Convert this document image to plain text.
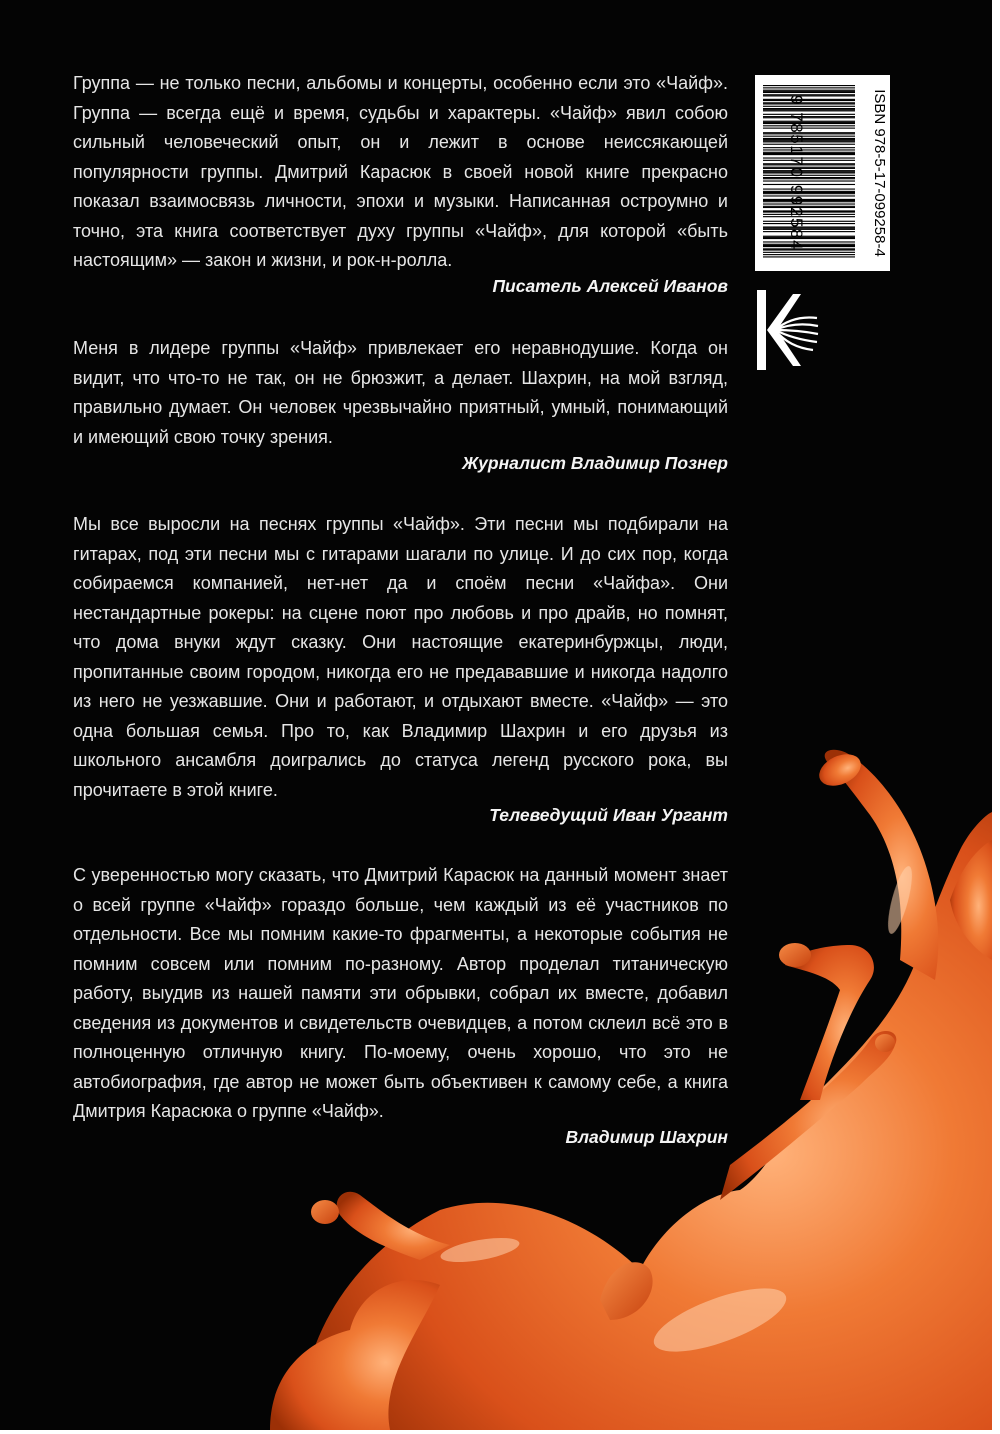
Группа — не только песни, альбомы и концерты, особенно если это «Чайф». Группа — всегда ещё и время, судьбы и характеры. «Чайф» явил собою сильный человеческий опыт, он и лежит в основе неиссякающей популярности группы. Дмитрий Карасюк в своей новой книге прекрасно показал взаимосвязь личности, эпохи и музыки. Написанная остроумно и точно, эта книга соответствует духу группы «Чайф», для которой «быть настоящим» — закон и жизни, и рок-н-ролла.

Писатель Алексей Иванов

Меня в лидере группы «Чайф» привлекает его неравнодушие. Когда он видит, что что-то не так, он не брюзжит, а делает. Шахрин, на мой взгляд, правильно думает. Он человек чрезвычайно приятный, умный, понимающий и имеющий свою точку зрения.

Журналист Владимир Познер

Мы все выросли на песнях группы «Чайф». Эти песни мы подбирали на гитарах, под эти песни мы с гитарами шагали по улице. И до сих пор, когда собираемся компанией, нет-нет да и споём песни «Чайфа». Они нестандартные рокеры: на сцене поют про любовь и про драйв, но помнят, что дома внуки ждут сказку. Они настоящие екатеринбуржцы, люди, пропитанные своим городом, никогда его не предававшие и никогда надолго из него не уезжавшие. Они и работают, и отдыхают вместе. «Чайф» — это одна большая семья. Про то, как Владимир Шахрин и его друзья из школьного ансамбля доигрались до статуса легенд русского рока, вы прочитаете в этой книге.

Телеведущий Иван Ургант

С уверенностью могу сказать, что Дмитрий Карасюк на данный момент знает о всей группе «Чайф» гораздо больше, чем каждый из её участников по отдельности. Все мы помним какие-то фрагменты, а некоторые события не помним совсем или помним по-разному. Автор проделал титаническую работу, выудив из нашей памяти эти обрывки, собрал их вместе, добавил сведения из документов и свидетельств очевидцев, а потом склеил всё это в полноценную отличную книгу. По-моему, очень хорошо, что это не автобиография, где автор не может быть объективен к самому себе, а книга Дмитрия Карасюка о группе «Чайф».

Владимир Шахрин
9 785170 992584	ISBN 978-5-17-099258-4
